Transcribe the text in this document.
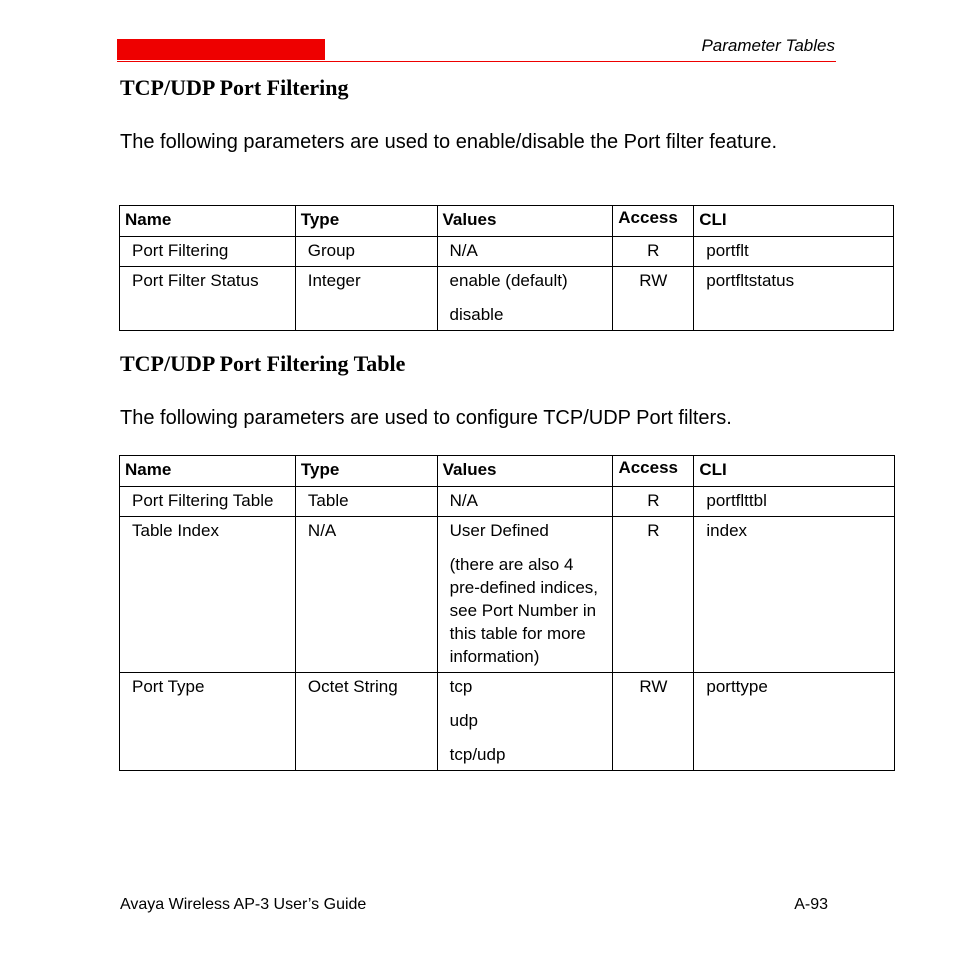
Parameter Tables
TCP/UDP Port Filtering

The following parameters are used to enable/disable the Port filter feature.

Name	Type	Values	Access	CLI

Port Filtering	Group	N/A	R	portflt

Port Filter Status	Integer	enable (default)
disable	RW	portfltstatus
TCP/UDP Port Filtering Table

The following parameters are used to configure TCP/UDP Port filters.

Name	Type	Values	Access	CLI

Port Filtering Table	Table	N/A	R	portflttbl

Table Index	N/A	User Defined
(there are also 4 pre-defined indices, see Port Number in this table for more information)	R	index

Port Type	Octet String	tcp
udp
tcp/udp	RW	porttype
Avaya Wireless AP-3 User’s Guide	A-93
